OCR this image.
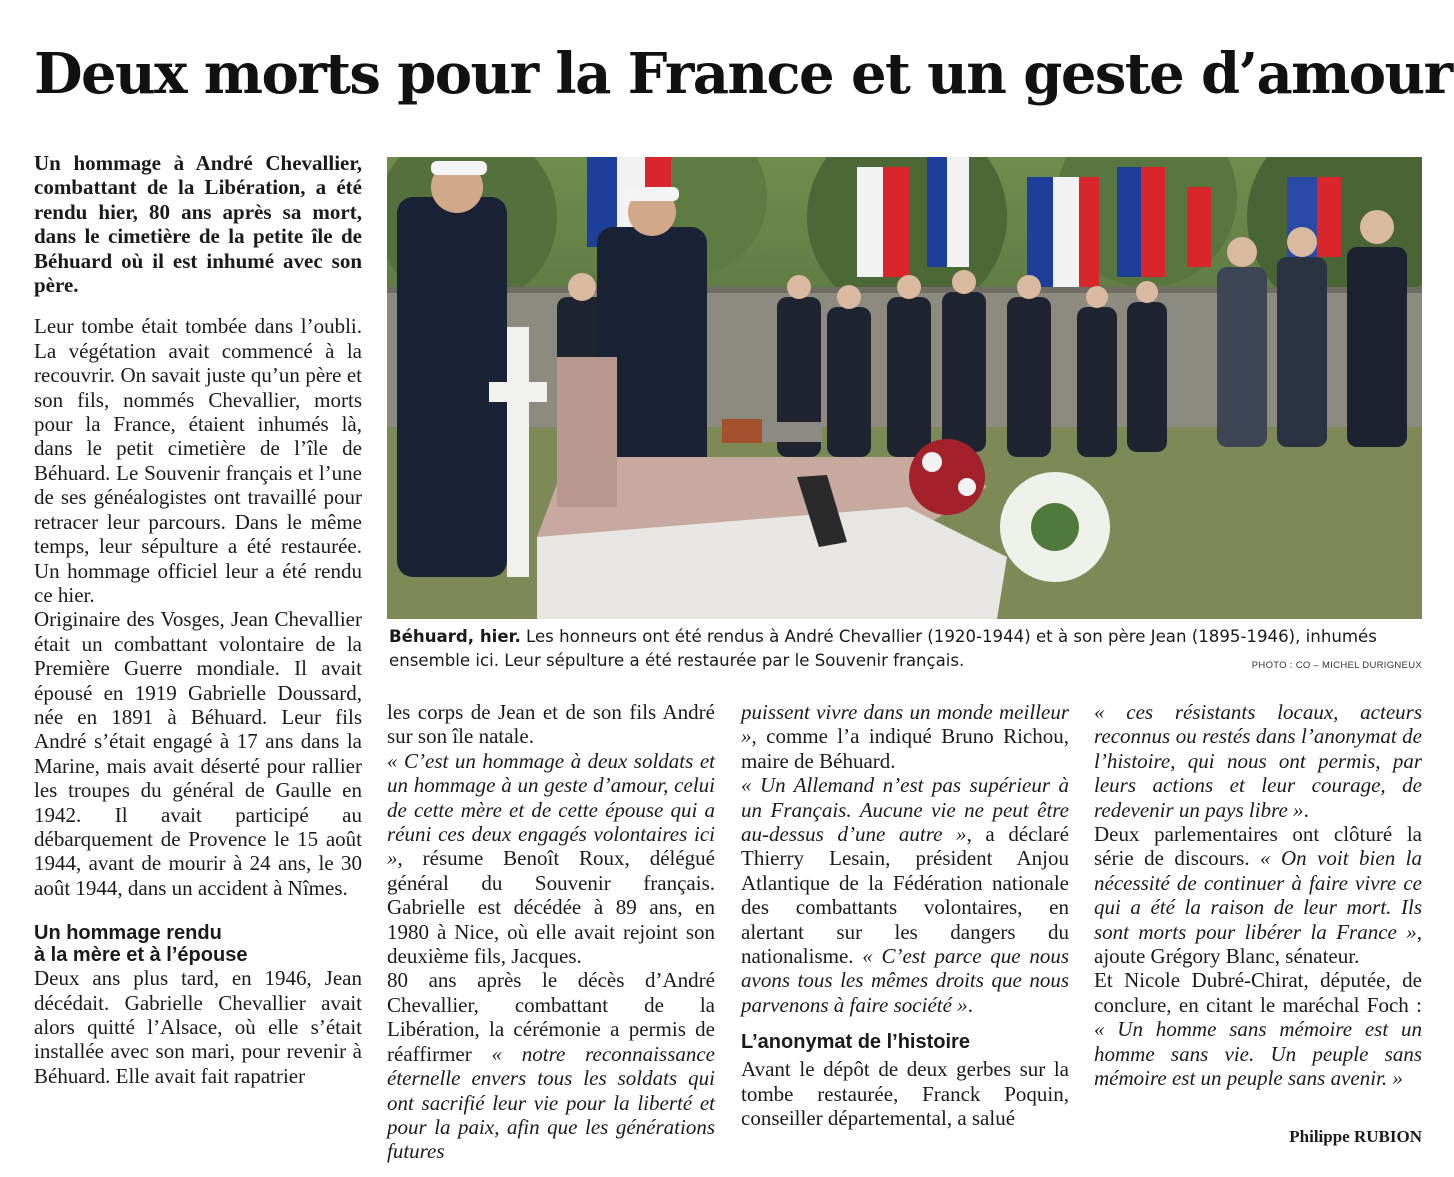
Deux morts pour la France et un geste d’amour

Un hommage à André Chevallier, combattant de la Libération, a été rendu hier, 80 ans après sa mort, dans le cimetière de la petite île de Béhuard où il est inhumé avec son père.

Leur tombe était tombée dans l’oubli. La végétation avait commencé à la recouvrir. On savait juste qu’un père et son fils, nommés Chevallier, morts pour la France, étaient inhumés là, dans le petit cimetière de l’île de Béhuard. Le Souvenir français et l’une de ses généalogistes ont travaillé pour retracer leur parcours. Dans le même temps, leur sépulture a été restaurée. Un hommage officiel leur a été rendu ce hier.

Originaire des Vosges, Jean Chevallier était un combattant volontaire de la Première Guerre mondiale. Il avait épousé en 1919 Gabrielle Doussard, née en 1891 à Béhuard. Leur fils André s’était engagé à 17 ans dans la Marine, mais avait déserté pour rallier les troupes du général de Gaulle en 1942. Il avait participé au débarquement de Provence le 15 août 1944, avant de mourir à 24 ans, le 30 août 1944, dans un accident à Nîmes.

Un hommage rendu
à la mère et à l’épouse

Deux ans plus tard, en 1946, Jean décédait. Gabrielle Chevallier avait alors quitté l’Alsace, où elle s’était installée avec son mari, pour revenir à Béhuard. Elle avait fait rapatrier

Béhuard, hier. Les honneurs ont été rendus à André Chevallier (1920-1944) et à son père Jean (1895-1946), inhumés ensemble ici. Leur sépulture a été restaurée par le Souvenir français.	PHOTO : CO – MICHEL DURIGNEUX

les corps de Jean et de son fils André sur son île natale.

« C’est un hommage à deux soldats et un hommage à un geste d’amour, celui de cette mère et de cette épouse qui a réuni ces deux engagés volontaires ici », résume Benoît Roux, délégué général du Souvenir français. Gabrielle est décédée à 89 ans, en 1980 à Nice, où elle avait rejoint son deuxième fils, Jacques.

80 ans après le décès d’André Chevallier, combattant de la Libération, la cérémonie a permis de réaffirmer « notre reconnaissance éternelle envers tous les soldats qui ont sacrifié leur vie pour la liberté et pour la paix, afin que les générations futures

puissent vivre dans un monde meilleur », comme l’a indiqué Bruno Richou, maire de Béhuard.

« Un Allemand n’est pas supérieur à un Français. Aucune vie ne peut être au-dessus d’une autre », a déclaré Thierry Lesain, président Anjou Atlantique de la Fédération nationale des combattants volontaires, en alertant sur les dangers du nationalisme. « C’est parce que nous avons tous les mêmes droits que nous parvenons à faire société ».

L’anonymat de l’histoire

Avant le dépôt de deux gerbes sur la tombe restaurée, Franck Poquin, conseiller départemental, a salué

« ces résistants locaux, acteurs reconnus ou restés dans l’anonymat de l’histoire, qui nous ont permis, par leurs actions et leur courage, de redevenir un pays libre ».

Deux parlementaires ont clôturé la série de discours. « On voit bien la nécessité de continuer à faire vivre ce qui a été la raison de leur mort. Ils sont morts pour libérer la France », ajoute Grégory Blanc, sénateur.

Et Nicole Dubré-Chirat, députée, de conclure, en citant le maréchal Foch : « Un homme sans mémoire est un homme sans vie. Un peuple sans mémoire est un peuple sans avenir. »

Philippe RUBION
